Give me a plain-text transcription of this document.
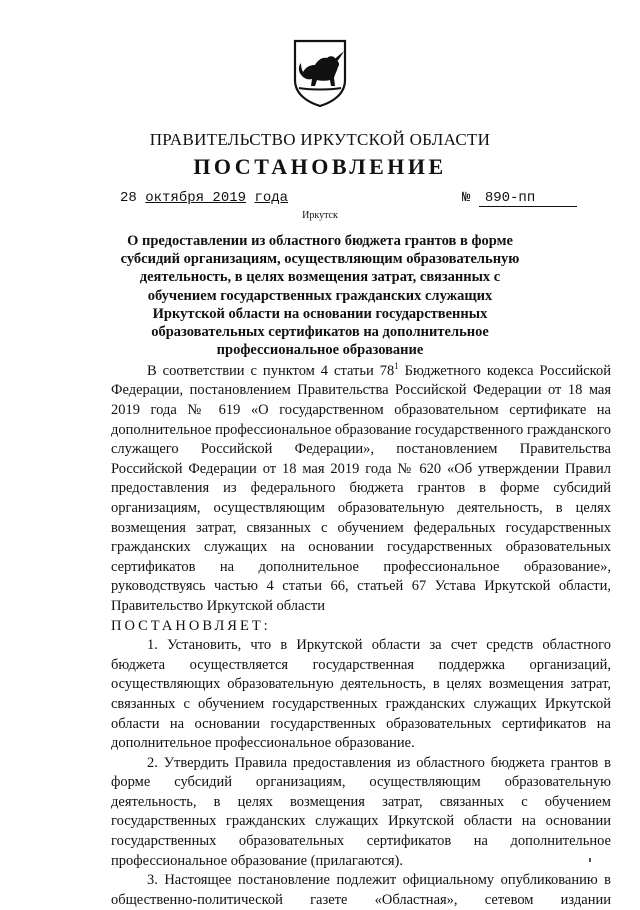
ПРАВИТЕЛЬСТВО ИРКУТСКОЙ ОБЛАСТИ
ПОСТАНОВЛЕНИЕ
28 октября 2019 года	№ 890-пп
Иркутск
О предоставлении из областного бюджета грантов в форме субсидий организациям, осуществляющим образовательную деятельность, в целях возмещения затрат, связанных с обучением государственных гражданских служащих Иркутской области на основании государственных образовательных сертификатов на дополнительное профессиональное образование

В соответствии с пунктом 4 статьи $78^1$ Бюджетного кодекса Российской Федерации, постановлением Правительства Российской Федерации от 18 мая 2019 года № 619 «О государственном образовательном сертификате на дополнительное профессиональное образование государственного гражданского служащего Российской Федерации», постановлением Правительства Российской Федерации от 18 мая 2019 года № 620 «Об утверждении Правил предоставления из федерального бюджета грантов в форме субсидий организациям, осуществляющим образовательную деятельность, в целях возмещения затрат, связанных с обучением федеральных государственных гражданских служащих на основании государственных образовательных сертификатов на дополнительное профессиональное образование», руководствуясь частью 4 статьи 66, статьей 67 Устава Иркутской области, Правительство Иркутской области

ПОСТАНОВЛЯЕТ:

1. Установить, что в Иркутской области за счет средств областного бюджета осуществляется государственная поддержка организаций, осуществляющих образовательную деятельность, в целях возмещения затрат, связанных с обучением государственных гражданских служащих Иркутской области на основании государственных образовательных сертификатов на дополнительное профессиональное образование.

2. Утвердить Правила предоставления из областного бюджета грантов в форме субсидий организациям, осуществляющим образовательную деятельность, в целях возмещения затрат, связанных с обучением государственных гражданских служащих Иркутской области на основании государственных образовательных сертификатов на дополнительное профессиональное образование (прилагаются).

3. Настоящее постановление подлежит официальному опубликованию в общественно-политической газете «Областная», сетевом издании
